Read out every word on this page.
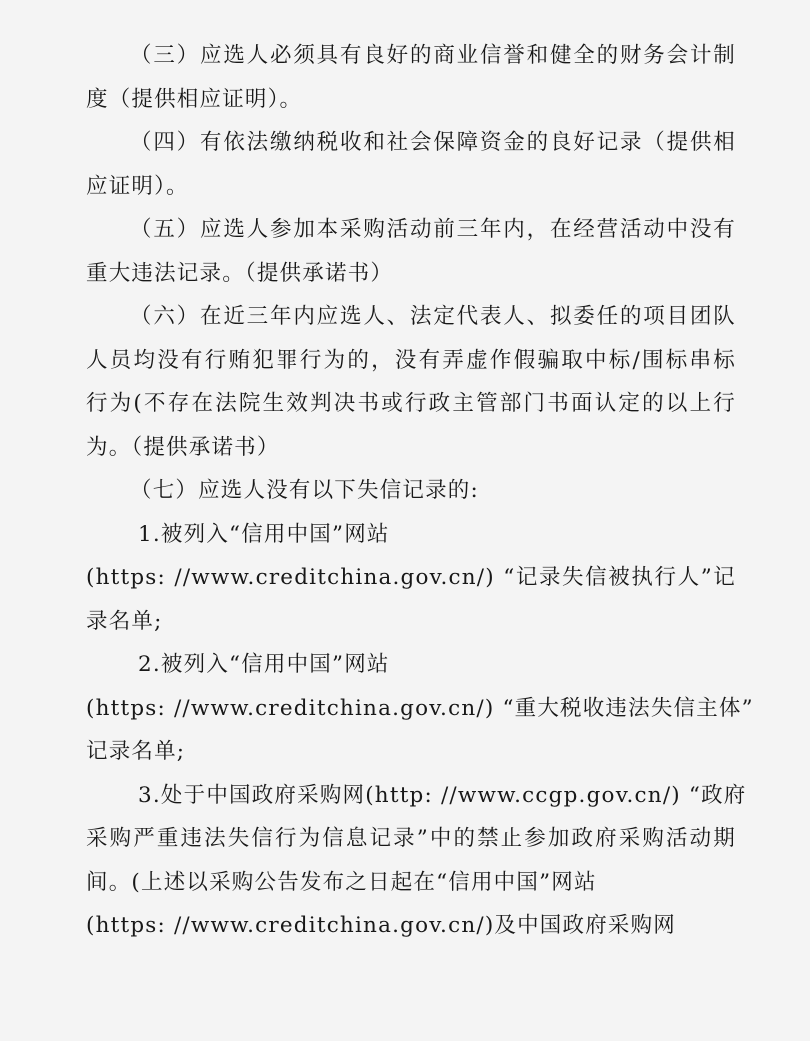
（三）应选人必须具有良好的商业信誉和健全的财务会计制
度（提供相应证明）。
（四）有依法缴纳税收和社会保障资金的良好记录（提供相
应证明）。
（五）应选人参加本采购活动前三年内，在经营活动中没有
重大违法记录。（提供承诺书）
（六）在近三年内应选人、法定代表人、拟委任的项目团队
人员均没有行贿犯罪行为的，没有弄虚作假骗取中标/围标串标
行为(不存在法院生效判决书或行政主管部门书面认定的以上行
为。（提供承诺书）
（七）应选人没有以下失信记录的:
1.被列入“信用中国”网站
(https: //www.creditchina.gov.cn/) “记录失信被执行人”记
录名单;
2.被列入“信用中国”网站
(https: //www.creditchina.gov.cn/) “重大税收违法失信主体”
记录名单;
3.处于中国政府采购网(http: //www.ccgp.gov.cn/) “政府
采购严重违法失信行为信息记录”中的禁止参加政府采购活动期
间。(上述以采购公告发布之日起在“信用中国”网站
(https: //www.creditchina.gov.cn/)及中国政府采购网
